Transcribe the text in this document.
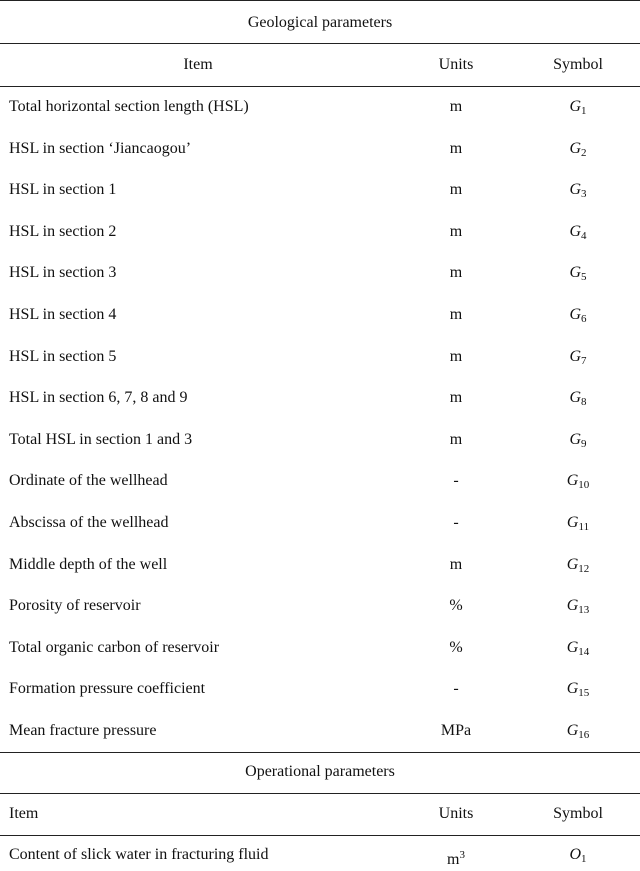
Geological parameters
Item	Units	Symbol
Total horizontal section length (HSL)	m	$G_1$
HSL in section ‘Jiancaogou’	m	$G_2$
HSL in section 1	m	$G_3$
HSL in section 2	m	$G_4$
HSL in section 3	m	$G_5$
HSL in section 4	m	$G_6$
HSL in section 5	m	$G_7$
HSL in section 6, 7, 8 and 9	m	$G_8$
Total HSL in section 1 and 3	m	$G_9$
Ordinate of the wellhead	-	$G_{10}$
Abscissa of the wellhead	-	$G_{11}$
Middle depth of the well	m	$G_{12}$
Porosity of reservoir	%	$G_{13}$
Total organic carbon of reservoir	%	$G_{14}$
Formation pressure coefficient	-	$G_{15}$
Mean fracture pressure	MPa	$G_{16}$
Operational parameters
Item	Units	Symbol
Content of slick water in fracturing fluid	$m^3$	$O_1$
